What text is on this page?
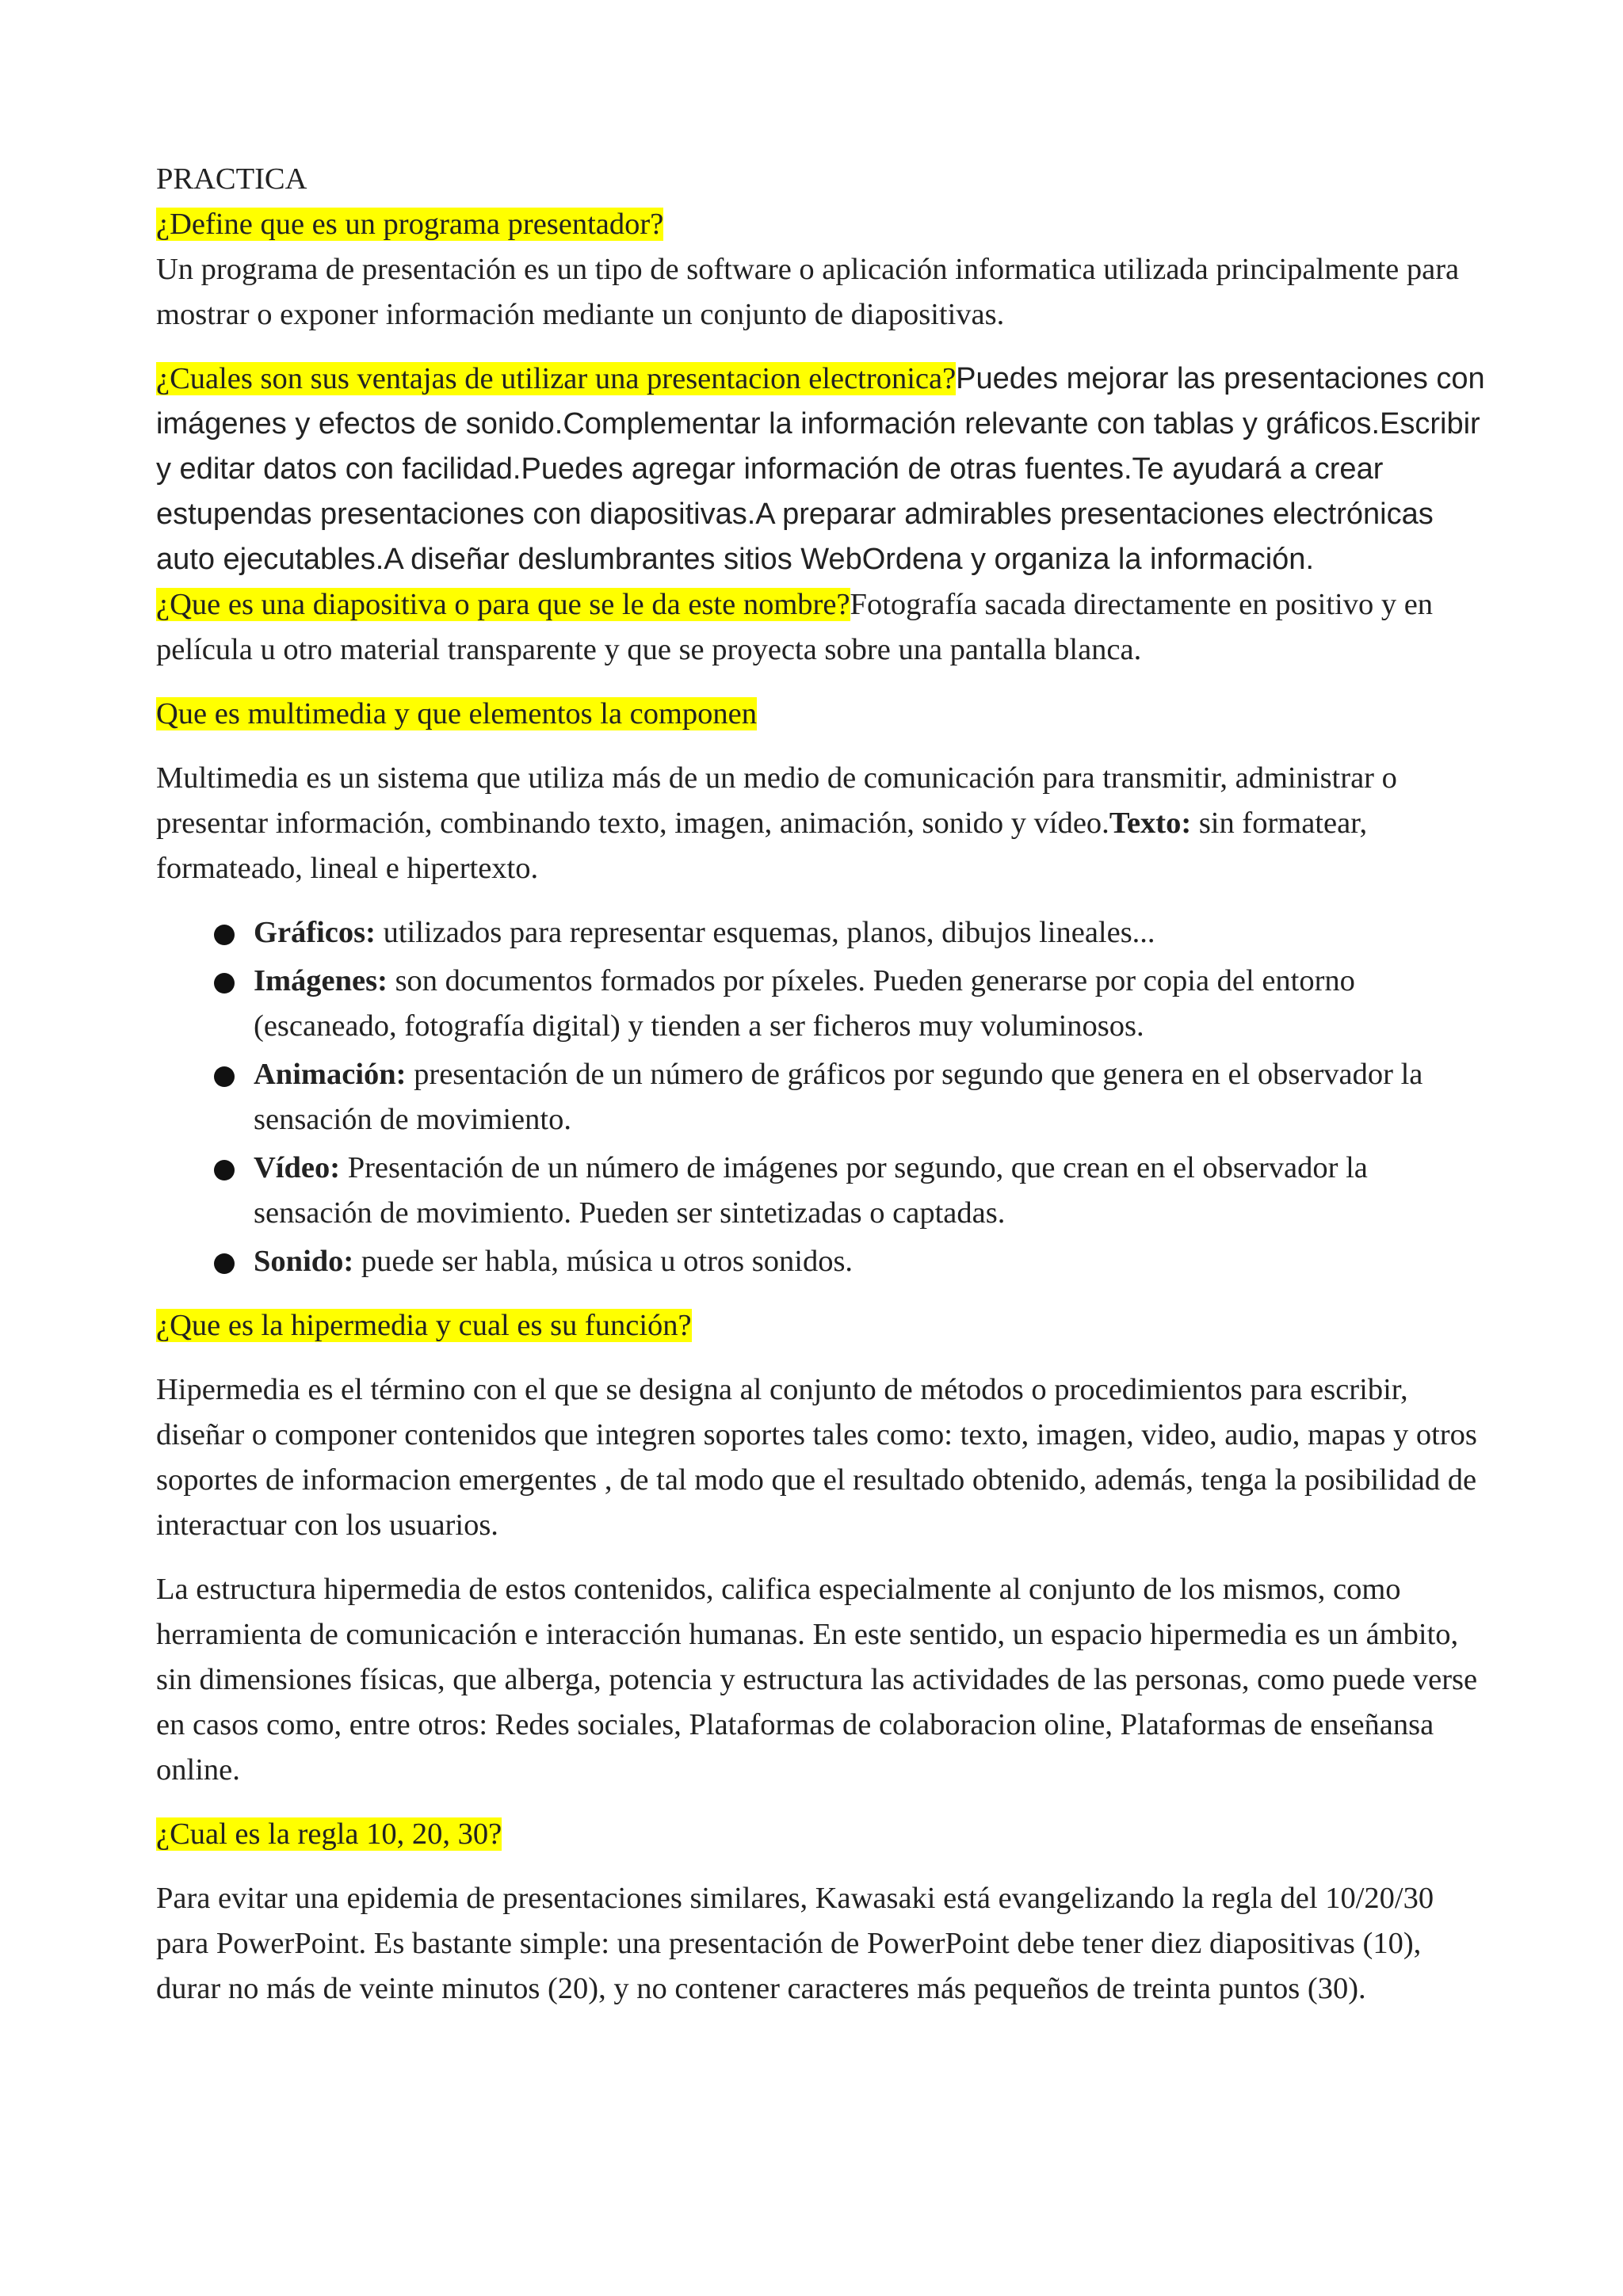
PRACTICA

¿Define que es un programa presentador?

Un programa de presentación es un tipo de software o aplicación informatica utilizada principalmente para mostrar o exponer información mediante un conjunto de diapositivas.

¿Cuales son sus ventajas de utilizar una presentacion electronica?Puedes mejorar las presentaciones con imágenes y efectos de sonido.Complementar la información relevante con tablas y gráficos.Escribir y editar datos con facilidad.Puedes agregar información de otras fuentes.Te ayudará a crear estupendas presentaciones con diapositivas.A preparar admirables presentaciones electrónicas auto ejecutables.A diseñar deslumbrantes sitios WebOrdena y organiza la información.

¿Que es una diapositiva o para que se le da este nombre?Fotografía sacada directamente en positivo y en película u otro material transparente y que se proyecta sobre una pantalla blanca.

Que es multimedia y que elementos la componen

Multimedia es un sistema que utiliza más de un medio de comunicación para transmitir, administrar o presentar información, combinando texto, imagen, animación, sonido y vídeo.Texto: sin formatear, formateado, lineal e hipertexto.

Gráficos: utilizados para representar esquemas, planos, dibujos lineales...
Imágenes: son documentos formados por píxeles. Pueden generarse por copia del entorno (escaneado, fotografía digital) y tienden a ser ficheros muy voluminosos.
Animación: presentación de un número de gráficos por segundo que genera en el observador la sensación de movimiento.
Vídeo: Presentación de un número de imágenes por segundo, que crean en el observador la sensación de movimiento. Pueden ser sintetizadas o captadas.
Sonido: puede ser habla, música u otros sonidos.

¿Que es la hipermedia y cual es su función?

Hipermedia es el término con el que se designa al conjunto de métodos o procedimientos para escribir, diseñar o componer contenidos que integren soportes tales como: texto, imagen, video, audio, mapas y otros soportes de informacion emergentes , de tal modo que el resultado obtenido, además, tenga la posibilidad de interactuar con los usuarios.

La estructura hipermedia de estos contenidos, califica especialmente al conjunto de los mismos, como herramienta de comunicación e interacción humanas. En este sentido, un espacio hipermedia es un ámbito, sin dimensiones físicas, que alberga, potencia y estructura las actividades de las personas, como puede verse en casos como, entre otros: Redes sociales, Plataformas de colaboracion oline, Plataformas de enseñansa online.

¿Cual es la regla 10, 20, 30?

Para evitar una epidemia de presentaciones similares, Kawasaki está evangelizando la regla del 10/20/30 para PowerPoint. Es bastante simple: una presentación de PowerPoint debe tener diez diapositivas (10), durar no más de veinte minutos (20), y no contener caracteres más pequeños de treinta puntos (30).
